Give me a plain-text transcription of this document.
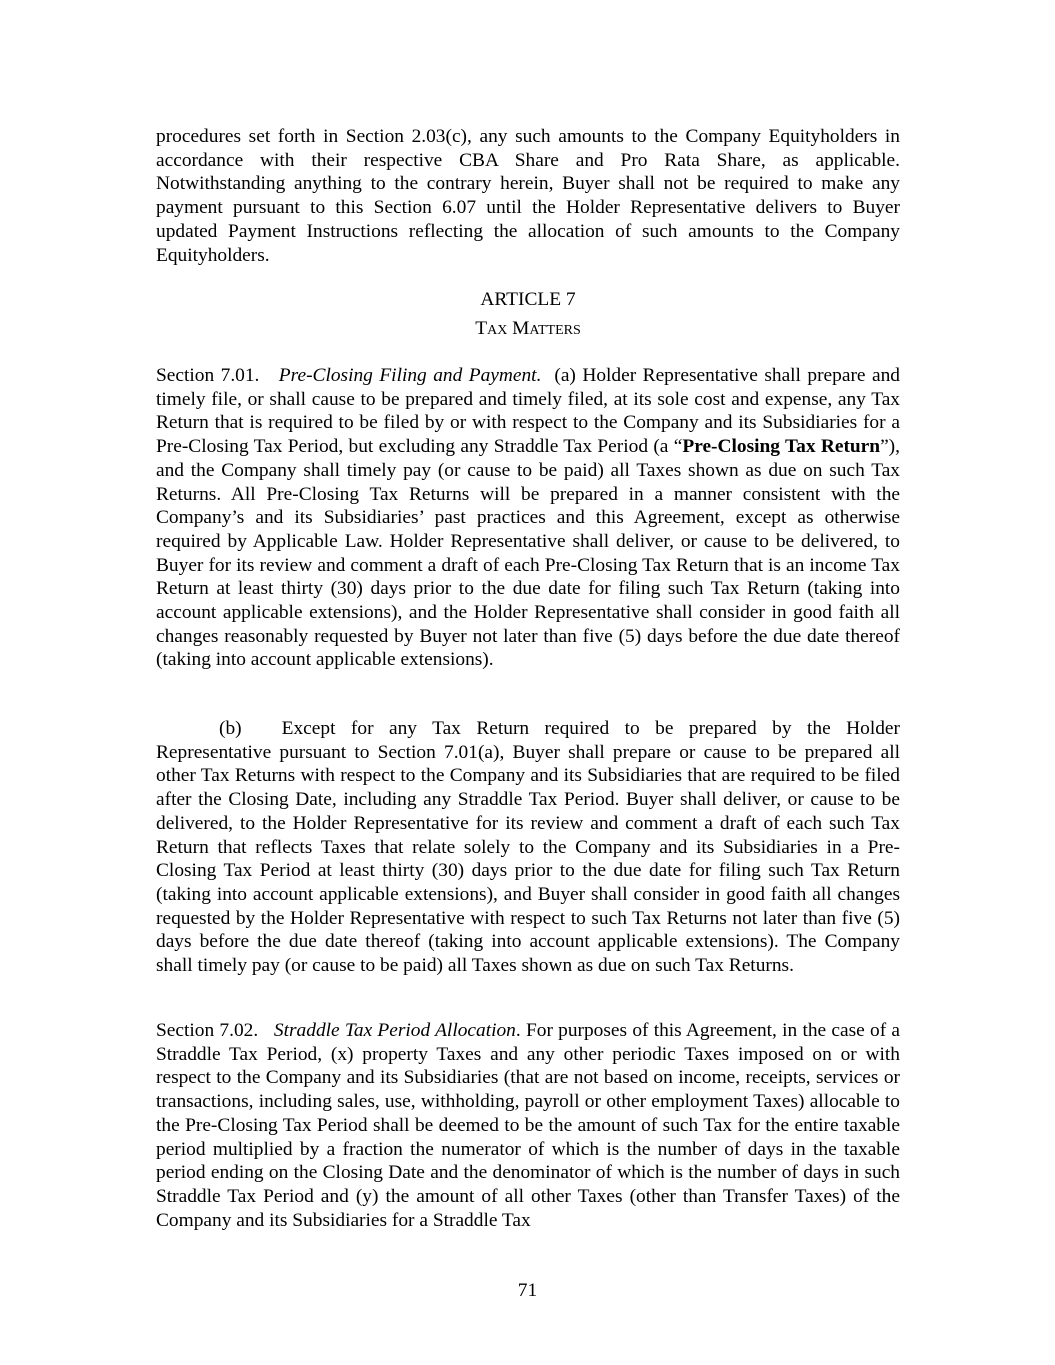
procedures set forth in Section 2.03(c), any such amounts to the Company Equityholders in accordance with their respective CBA Share and Pro Rata Share, as applicable. Notwithstanding anything to the contrary herein, Buyer shall not be required to make any payment pursuant to this Section 6.07 until the Holder Representative delivers to Buyer updated Payment Instructions reflecting the allocation of such amounts to the Company Equityholders.
ARTICLE 7
Tax Matters
Section 7.01. Pre-Closing Filing and Payment. (a) Holder Representative shall prepare and timely file, or shall cause to be prepared and timely filed, at its sole cost and expense, any Tax Return that is required to be filed by or with respect to the Company and its Subsidiaries for a Pre-Closing Tax Period, but excluding any Straddle Tax Period (a “Pre-Closing Tax Return”), and the Company shall timely pay (or cause to be paid) all Taxes shown as due on such Tax Returns. All Pre-Closing Tax Returns will be prepared in a manner consistent with the Company’s and its Subsidiaries’ past practices and this Agreement, except as otherwise required by Applicable Law. Holder Representative shall deliver, or cause to be delivered, to Buyer for its review and comment a draft of each Pre-Closing Tax Return that is an income Tax Return at least thirty (30) days prior to the due date for filing such Tax Return (taking into account applicable extensions), and the Holder Representative shall consider in good faith all changes reasonably requested by Buyer not later than five (5) days before the due date thereof (taking into account applicable extensions).
(b) Except for any Tax Return required to be prepared by the Holder Representative pursuant to Section 7.01(a), Buyer shall prepare or cause to be prepared all other Tax Returns with respect to the Company and its Subsidiaries that are required to be filed after the Closing Date, including any Straddle Tax Period. Buyer shall deliver, or cause to be delivered, to the Holder Representative for its review and comment a draft of each such Tax Return that reflects Taxes that relate solely to the Company and its Subsidiaries in a Pre-Closing Tax Period at least thirty (30) days prior to the due date for filing such Tax Return (taking into account applicable extensions), and Buyer shall consider in good faith all changes requested by the Holder Representative with respect to such Tax Returns not later than five (5) days before the due date thereof (taking into account applicable extensions). The Company shall timely pay (or cause to be paid) all Taxes shown as due on such Tax Returns.
Section 7.02. Straddle Tax Period Allocation. For purposes of this Agreement, in the case of a Straddle Tax Period, (x) property Taxes and any other periodic Taxes imposed on or with respect to the Company and its Subsidiaries (that are not based on income, receipts, services or transactions, including sales, use, withholding, payroll or other employment Taxes) allocable to the Pre-Closing Tax Period shall be deemed to be the amount of such Tax for the entire taxable period multiplied by a fraction the numerator of which is the number of days in the taxable period ending on the Closing Date and the denominator of which is the number of days in such Straddle Tax Period and (y) the amount of all other Taxes (other than Transfer Taxes) of the Company and its Subsidiaries for a Straddle Tax
71
